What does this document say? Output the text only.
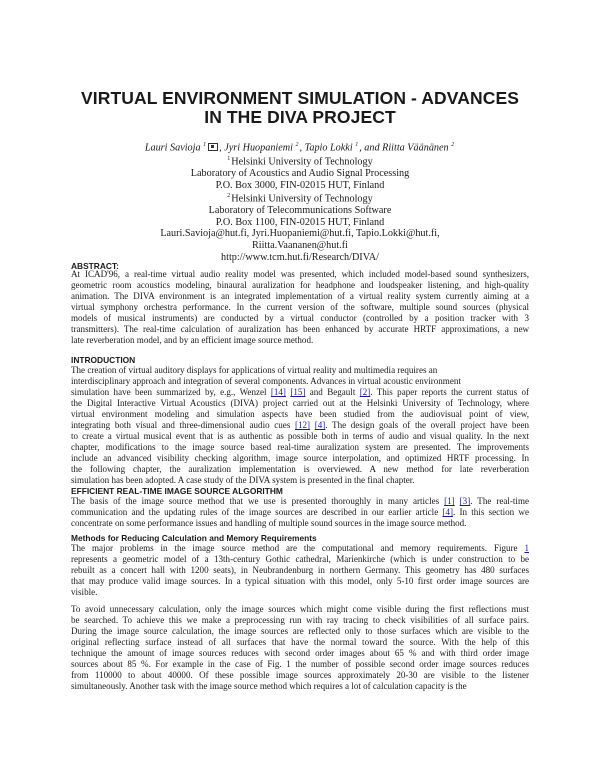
VIRTUAL ENVIRONMENT SIMULATION - ADVANCES
IN THE DIVA PROJECT
Lauri Savioja $^1$ , Jyri Huopaniemi $^2$, Tapio Lokki $^1$, and Riitta Väänänen $^2$
$^1$Helsinki University of Technology
Laboratory of Acoustics and Audio Signal Processing
P.O. Box 3000, FIN-02015 HUT, Finland
$^2$Helsinki University of Technology
Laboratory of Telecommunications Software
P.O. Box 1100, FIN-02015 HUT, Finland
Lauri.Savioja@hut.fi, Jyri.Huopaniemi@hut.fi, Tapio.Lokki@hut.fi,
Riitta.Vaananen@hut.fi
http://www.tcm.hut.fi/Research/DIVA/
ABSTRACT:
At ICAD'96, a real-time virtual audio reality model was presented, which included model-based sound synthesizers,
geometric room acoustics modeling, binaural auralization for headphone and loudspeaker listening, and high-quality
animation. The DIVA environment is an integrated implementation of a virtual reality system currently aiming at a
virtual symphony orchestra performance. In the current version of the software, multiple sound sources (physical
models of musical instruments) are conducted by a virtual conductor (controlled by a position tracker with 3
transmitters). The real-time calculation of auralization has been enhanced by accurate HRTF approximations, a new
late reverberation model, and by an efficient image source method.
INTRODUCTION
The creation of virtual auditory displays for applications of virtual reality and multimedia requires an
interdisciplinary approach and integration of several components. Advances in virtual acoustic environment
simulation have been summarized by, e.g., Wenzel [14] [15] and Begault [2]. This paper reports the current status of
the Digital Interactive Virtual Acoustics (DIVA) project carried out at the Helsinki University of Technology, where
virtual environment modeling and simulation aspects have been studied from the audiovisual point of view,
integrating both visual and three-dimensional audio cues [12] [4]. The design goals of the overall project have been
to create a virtual musical event that is as authentic as possible both in terms of audio and visual quality. In the next
chapter, modifications to the image source based real-time auralization system are presented. The improvements
include an advanced visibility checking algorithm, image source interpolation, and optimized HRTF processing. In
the following chapter, the auralization implementation is overviewed. A new method for late reverberation
simulation has been adopted. A case study of the DIVA system is presented in the final chapter.
EFFICIENT REAL-TIME IMAGE SOURCE ALGORITHM
The basis of the image source method that we use is presented thoroughly in many articles [1] [3]. The real-time
communication and the updating rules of the image sources are described in our earlier article [4]. In this section we
concentrate on some performance issues and handling of multiple sound sources in the image source method.
Methods for Reducing Calculation and Memory Requirements
The major problems in the image source method are the computational and memory requirements. Figure 1
represents a geometric model of a 13th-century Gothic cathedral, Marienkirche (which is under construction to be
rebuilt as a concert hall with 1200 seats), in Neubrandenburg in northern Germany. This geometry has 480 surfaces
that may produce valid image sources. In a typical situation with this model, only 5-10 first order image sources are
visible.
To avoid unnecessary calculation, only the image sources which might come visible during the first reflections must
be searched. To achieve this we make a preprocessing run with ray tracing to check visibilities of all surface pairs.
During the image source calculation, the image sources are reflected only to those surfaces which are visible to the
original reflecting surface instead of all surfaces that have the normal toward the source. With the help of this
technique the amount of image sources reduces with second order images about 65 % and with third order image
sources about 85 %. For example in the case of Fig. 1 the number of possible second order image sources reduces
from 110000 to about 40000. Of these possible image sources approximately 20-30 are visible to the listener
simultaneously. Another task with the image source method which requires a lot of calculation capacity is the
